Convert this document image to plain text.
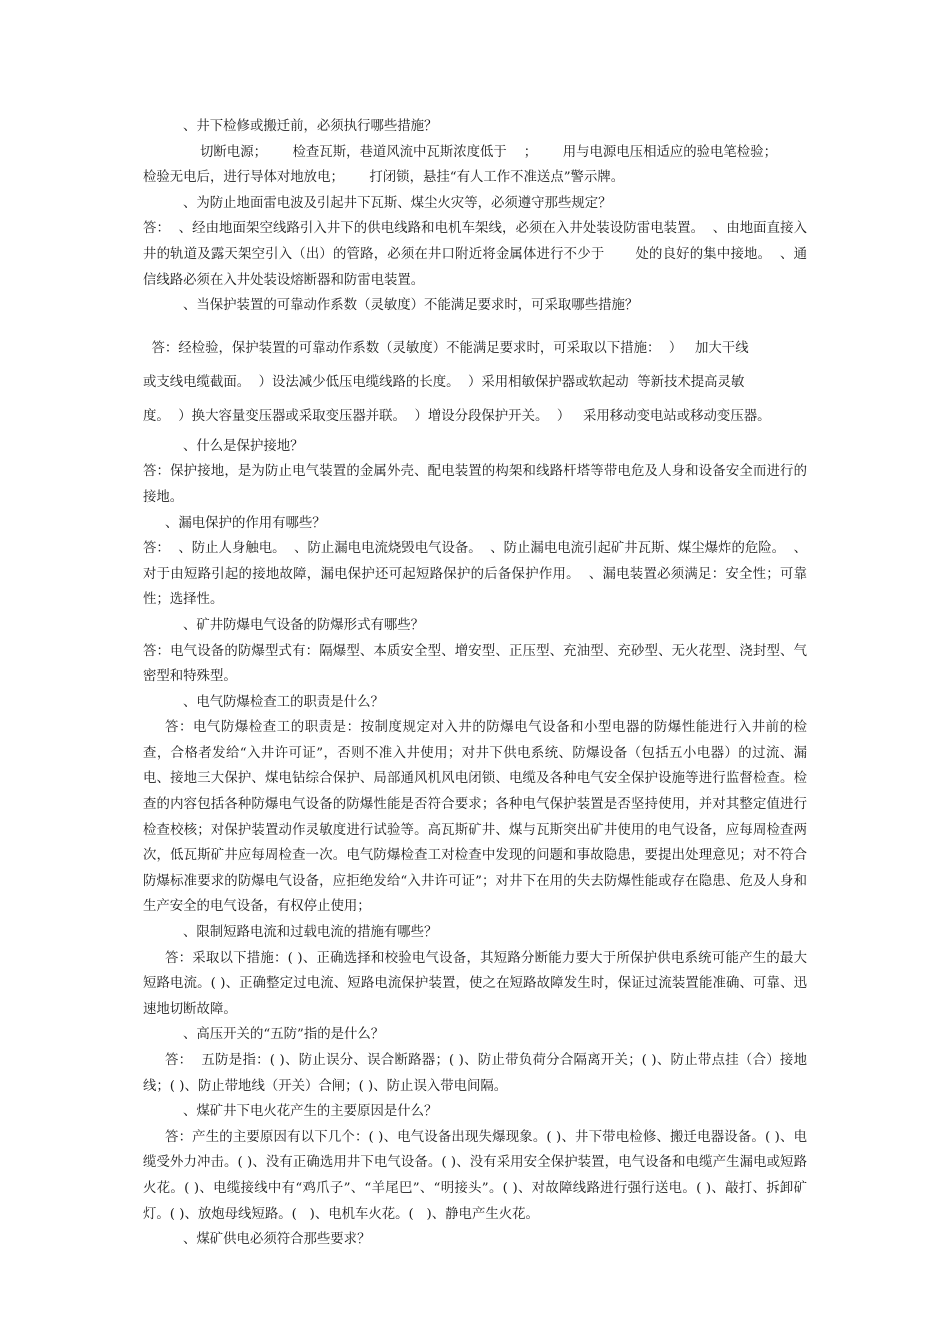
、井下检修或搬迁前，必须执行哪些措施？

切断电源；      检查瓦斯，巷道风流中瓦斯浓度低于    ；      用与电源电压相适应的验电笔检验；

检验无电后，进行导体对地放电；      打闭锁，悬挂“有人工作不准送点”警示牌。

、为防止地面雷电波及引起井下瓦斯、煤尘火灾等，必须遵守那些规定？

答：  、经由地面架空线路引入井下的供电线路和电机车架线，必须在入井处装设防雷电装置。  、由地面直接入井的轨道及露天架空引入（出）的管路，必须在井口附近将金属体进行不少于       处的良好的集中接地。  、通信线路必须在入井处装设熔断器和防雷电装置。

、当保护装置的可靠动作系数（灵敏度）不能满足要求时，可采取哪些措施？

答：经检验，保护装置的可靠动作系数（灵敏度）不能满足要求时，可采取以下措施：  ）   加大干线

或支线电缆截面。  ）设法减少低压电缆线路的长度。  ）采用相敏保护器或软起动  等新技术提高灵敏

度。  ）换大容量变压器或采取变压器并联。  ）增设分段保护开关。  ）   采用移动变电站或移动变压器。

、什么是保护接地？

答：保护接地，是为防止电气装置的金属外壳、配电装置的构架和线路杆塔等带电危及人身和设备安全而进行的接地。

、漏电保护的作用有哪些？

答：  、防止人身触电。  、防止漏电电流烧毁电气设备。  、防止漏电电流引起矿井瓦斯、煤尘爆炸的危险。  、对于由短路引起的接地故障，漏电保护还可起短路保护的后备保护作用。  、漏电装置必须满足：安全性；可靠性；选择性。

、矿井防爆电气设备的防爆形式有哪些？

答：电气设备的防爆型式有：隔爆型、本质安全型、增安型、正压型、充油型、充砂型、无火花型、浇封型、气密型和特殊型。

、电气防爆检查工的职责是什么？

答：电气防爆检查工的职责是：按制度规定对入井的防爆电气设备和小型电器的防爆性能进行入井前的检查，合格者发给“入井许可证”，否则不准入井使用；对井下供电系统、防爆设备（包括五小电器）的过流、漏电、接地三大保护、煤电钻综合保护、局部通风机风电闭锁、电缆及各种电气安全保护设施等进行监督检查。检查的内容包括各种防爆电气设备的防爆性能是否符合要求；各种电气保护装置是否坚持使用，并对其整定值进行检查校核；对保护装置动作灵敏度进行试验等。高瓦斯矿井、煤与瓦斯突出矿井使用的电气设备，应每周检查两次，低瓦斯矿井应每周检查一次。电气防爆检查工对检查中发现的问题和事故隐患，要提出处理意见；对不符合防爆标准要求的防爆电气设备，应拒绝发给“入井许可证”；对井下在用的失去防爆性能或存在隐患、危及人身和生产安全的电气设备，有权停止使用；

、限制短路电流和过载电流的措施有哪些？

答：采取以下措施：( )、正确选择和校验电气设备，其短路分断能力要大于所保护供电系统可能产生的最大短路电流。( )、正确整定过电流、短路电流保护装置，使之在短路故障发生时，保证过流装置能准确、可靠、迅速地切断故障。

、高压开关的“五防”指的是什么？

答：  五防是指：( )、防止误分、误合断路器；( )、防止带负荷分合隔离开关；( )、防止带点挂（合）接地线；( )、防止带地线（开关）合闸；( )、防止误入带电间隔。

、煤矿井下电火花产生的主要原因是什么？

答：产生的主要原因有以下几个：( )、电气设备出现失爆现象。( )、井下带电检修、搬迁电器设备。( )、电缆受外力冲击。( )、没有正确选用井下电气设备。( )、没有采用安全保护装置，电气设备和电缆产生漏电或短路火花。( )、电缆接线中有“鸡爪子”、“羊尾巴”、“明接头”。( )、对故障线路进行强行送电。( )、敲打、拆卸矿灯。( )、放炮母线短路。(   )、电机车火花。(   )、静电产生火花。

、煤矿供电必须符合那些要求？
